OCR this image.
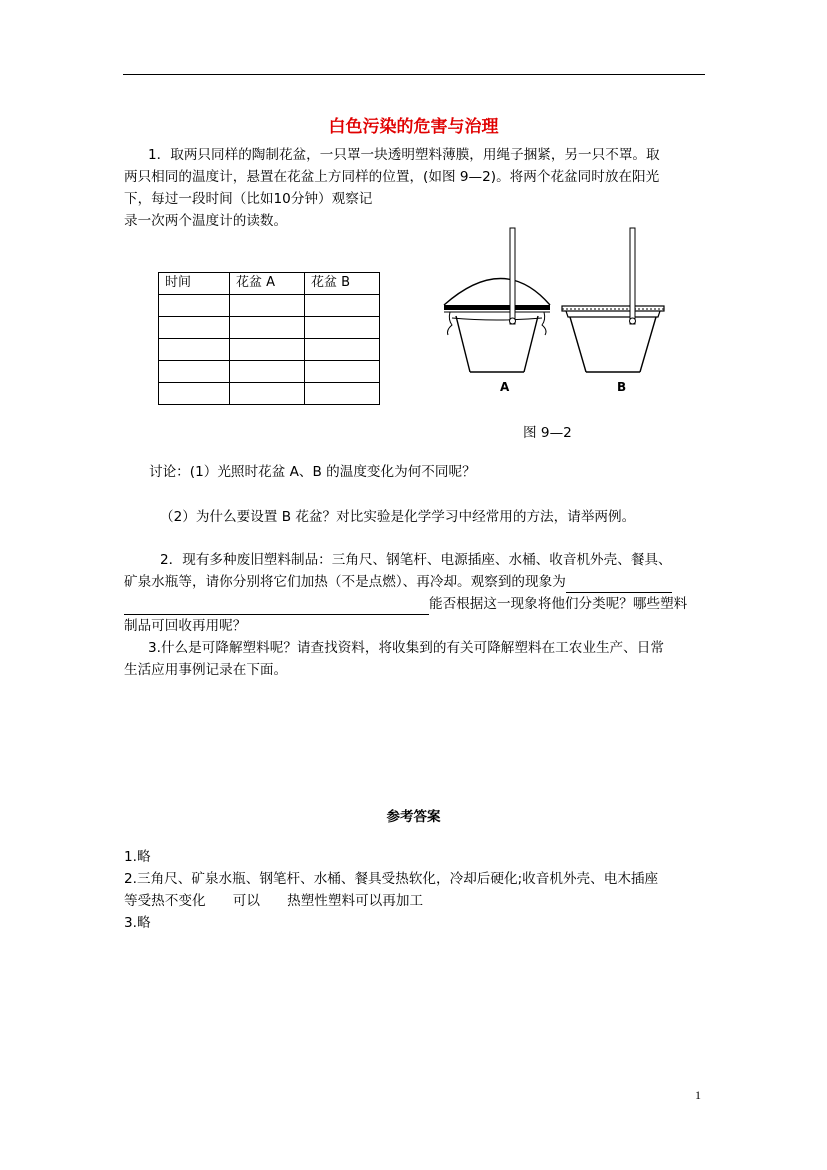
白色污染的危害与治理
1．取两只同样的陶制花盆，一只罩一块透明塑料薄膜，用绳子捆紧，另一只不罩。取
两只相同的温度计，悬置在花盆上方同样的位置，(如图 9—2)。将两个花盆同时放在阳光
下，每过一段时间（比如10分钟）观察记
录一次两个温度计的读数。
时间	花盆 A	花盆 B

A	B
图 9—2
讨论：(1）光照时花盆 A、B 的温度变化为何不同呢？
（2）为什么要设置 B 花盆？对比实验是化学学习中经常用的方法，请举两例。
2．现有多种废旧塑料制品：三角尺、钢笔杆、电源插座、水桶、收音机外壳、餐具、
矿泉水瓶等，请你分别将它们加热（不是点燃）、再冷却。观察到的现象为
能否根据这一现象将他们分类呢？哪些塑料
制品可回收再用呢？
3.什么是可降解塑料呢？请查找资料，将收集到的有关可降解塑料在工农业生产、日常
生活应用事例记录在下面。
参考答案
1.略
2.三角尺、矿泉水瓶、钢笔杆、水桶、餐具受热软化，冷却后硬化;收音机外壳、电木插座
等受热不变化　　可以　　热塑性塑料可以再加工
3.略
1
